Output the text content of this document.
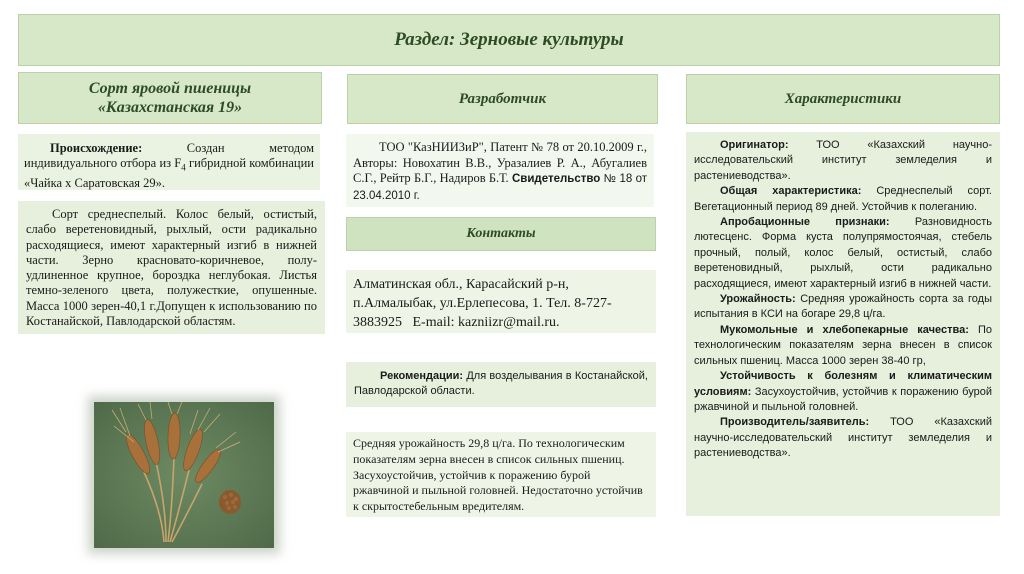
Раздел: Зерновые культуры
Сорт яровой пшеницы
«Казахстанская 19»

Происхождение: Создан методом индивидуального отбора из $F_4$ гибридной комбинации «Чайка х Саратовская 29».

Сорт среднеспелый. Колос белый, остистый, слабо веретеновидный, рыхлый, ости радикально расходящиеся, имеют характерный изгиб в нижней части. Зерно красновато-коричневое, полу-удлиненное крупное, бороздка неглубокая. Листья темно-зеленого цвета, полужесткие, опушенные. Масса 1000 зерен-40,1 г.Допущен к использованию по Костанайской, Павлодарской областям.

Разработчик

ТОО "КазНИИЗиР", Патент № 78 от 20.10.2009 г., Авторы: Новохатин В.В., Уразалиев Р. А., Абугалиев С.Г., Рейтр Б.Г., Надиров Б.Т. Свидетельство № 18 от 23.04.2010 г.

Контакты

Алматинская обл., Карасайский р-н, п.Алмалыбак, ул.Ерлепесова, 1. Тел. 8-727-3883925   E-mail: kazniizr@mail.ru.

Рекомендации: Для возделывания в Костанайской, Павлодарской области.

Средняя урожайность 29,8 ц/га. По технологическим показателям зерна внесен в список сильных пшениц. Засухоустойчив, устойчив к поражению бурой ржавчиной и пыльной головней. Недостаточно устойчив к скрытостебельным вредителям.

Характеристики

Оригинатор: ТОО «Казахский научно-исследовательский институт земледелия и растениеводства».

Общая характеристика: Среднеспелый сорт. Вегетационный период 89 дней. Устойчив к полеганию.

Апробационные признаки: Разновидность лютесценс. Форма куста полупрямостоячая, стебель прочный, полый, колос белый, остистый, слабо веретеновидный, рыхлый, ости радикально расходящиеся, имеют характерный изгиб в нижней части.

Урожайность: Средняя урожайность сорта за годы испытания в КСИ на богаре 29,8 ц/га.

Мукомольные и хлебопекарные качества: По технологическим показателям зерна внесен в список сильных пшениц. Масса 1000 зерен 38-40 гр,

Устойчивость к болезням и климатическим условиям: Засухоустойчив, устойчив к поражению бурой ржавчиной и пыльной головней.

Производитель/заявитель: ТОО «Казахский научно-исследовательский институт земледелия и растениеводства».
